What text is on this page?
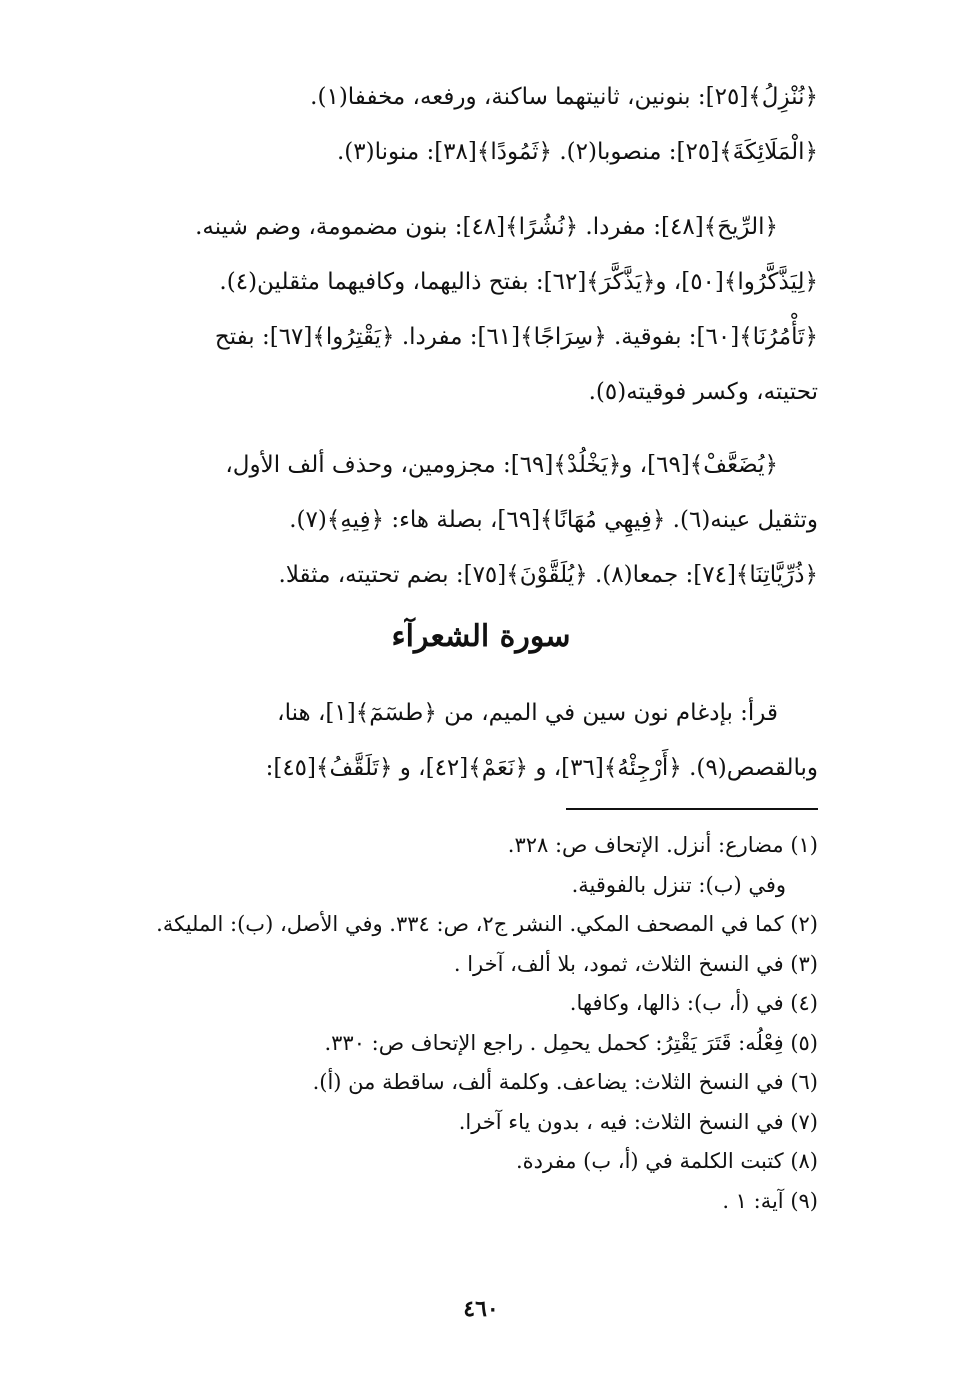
﴿نُنْزِلُ﴾[٢٥]: بنونين، ثانيتهما ساكنة، ورفعه، مخففا(١).

﴿الْمَلَائِكَةَ﴾[٢٥]: منصوبا(٢). ﴿ثَمُودًا﴾[٣٨]: منونا(٣).

﴿الرِّيحَ﴾[٤٨]: مفردا. ﴿نُشُرًا﴾[٤٨]: بنون مضمومة، وضم شينه.

﴿لِيَذَّكَّرُوا﴾[٥٠]، و﴿يَذَّكَّرَ﴾[٦٢]: بفتح ذاليهما، وكافيهما مثقلين(٤).

﴿تَأْمُرُنَا﴾[٦٠]: بفوقية. ﴿سِرَاجًا﴾[٦١]: مفردا. ﴿يَقْتِرُوا﴾[٦٧]: بفتح

تحتيته، وكسر فوقيته(٥).

﴿يُضَعَّفْ﴾[٦٩]، و﴿يَخْلُدْ﴾[٦٩]: مجزومين، وحذف ألف الأول،

وتثقيل عينه(٦). ﴿فِيهِي مُهَانًا﴾[٦٩]، بصلة هاء: ﴿فِيهِ﴾(٧).

﴿ذُرِّيَّاتِنَا﴾[٧٤]: جمعا(٨). ﴿يُلَقَّوْنَ﴾[٧٥]: بضم تحتيته، مثقلا.

سورة الشعرآء

قرأ: بإدغام نون سين في الميم، من ﴿طسٓمٓ﴾[١]، هنا،

وبالقصص(٩). ﴿أَرْجِئْهُ﴾[٣٦]، و ﴿نَعَمْ﴾[٤٢]، و ﴿تَلَقَّفُ﴾[٤٥]:

(١) مضارع: أنزل. الإتحاف ص: ٣٢٨.

وفي (ب): تنزل بالفوقية.

(٢) كما في المصحف المكي. النشر ج٢، ص: ٣٣٤. وفي الأصل، (ب): المليكة.

(٣) في النسخ الثلاث، ثمود، بلا ألف، آخرا .

(٤) في (أ، ب): ذالها، وكافها.

(٥) فِعْلُه: قَتَرَ يَقْتِرُ: كحمل يحمِل . راجع الإتحاف ص: ٣٣٠.

(٦) في النسخ الثلاث: يضاعف. وكلمة ألف، ساقطة من (أ).

(٧) في النسخ الثلاث: فيه ، بدون ياء آخرا.

(٨) كتبت الكلمة في (أ، ب) مفردة.

(٩) آية: ١ .

٤٦٠
